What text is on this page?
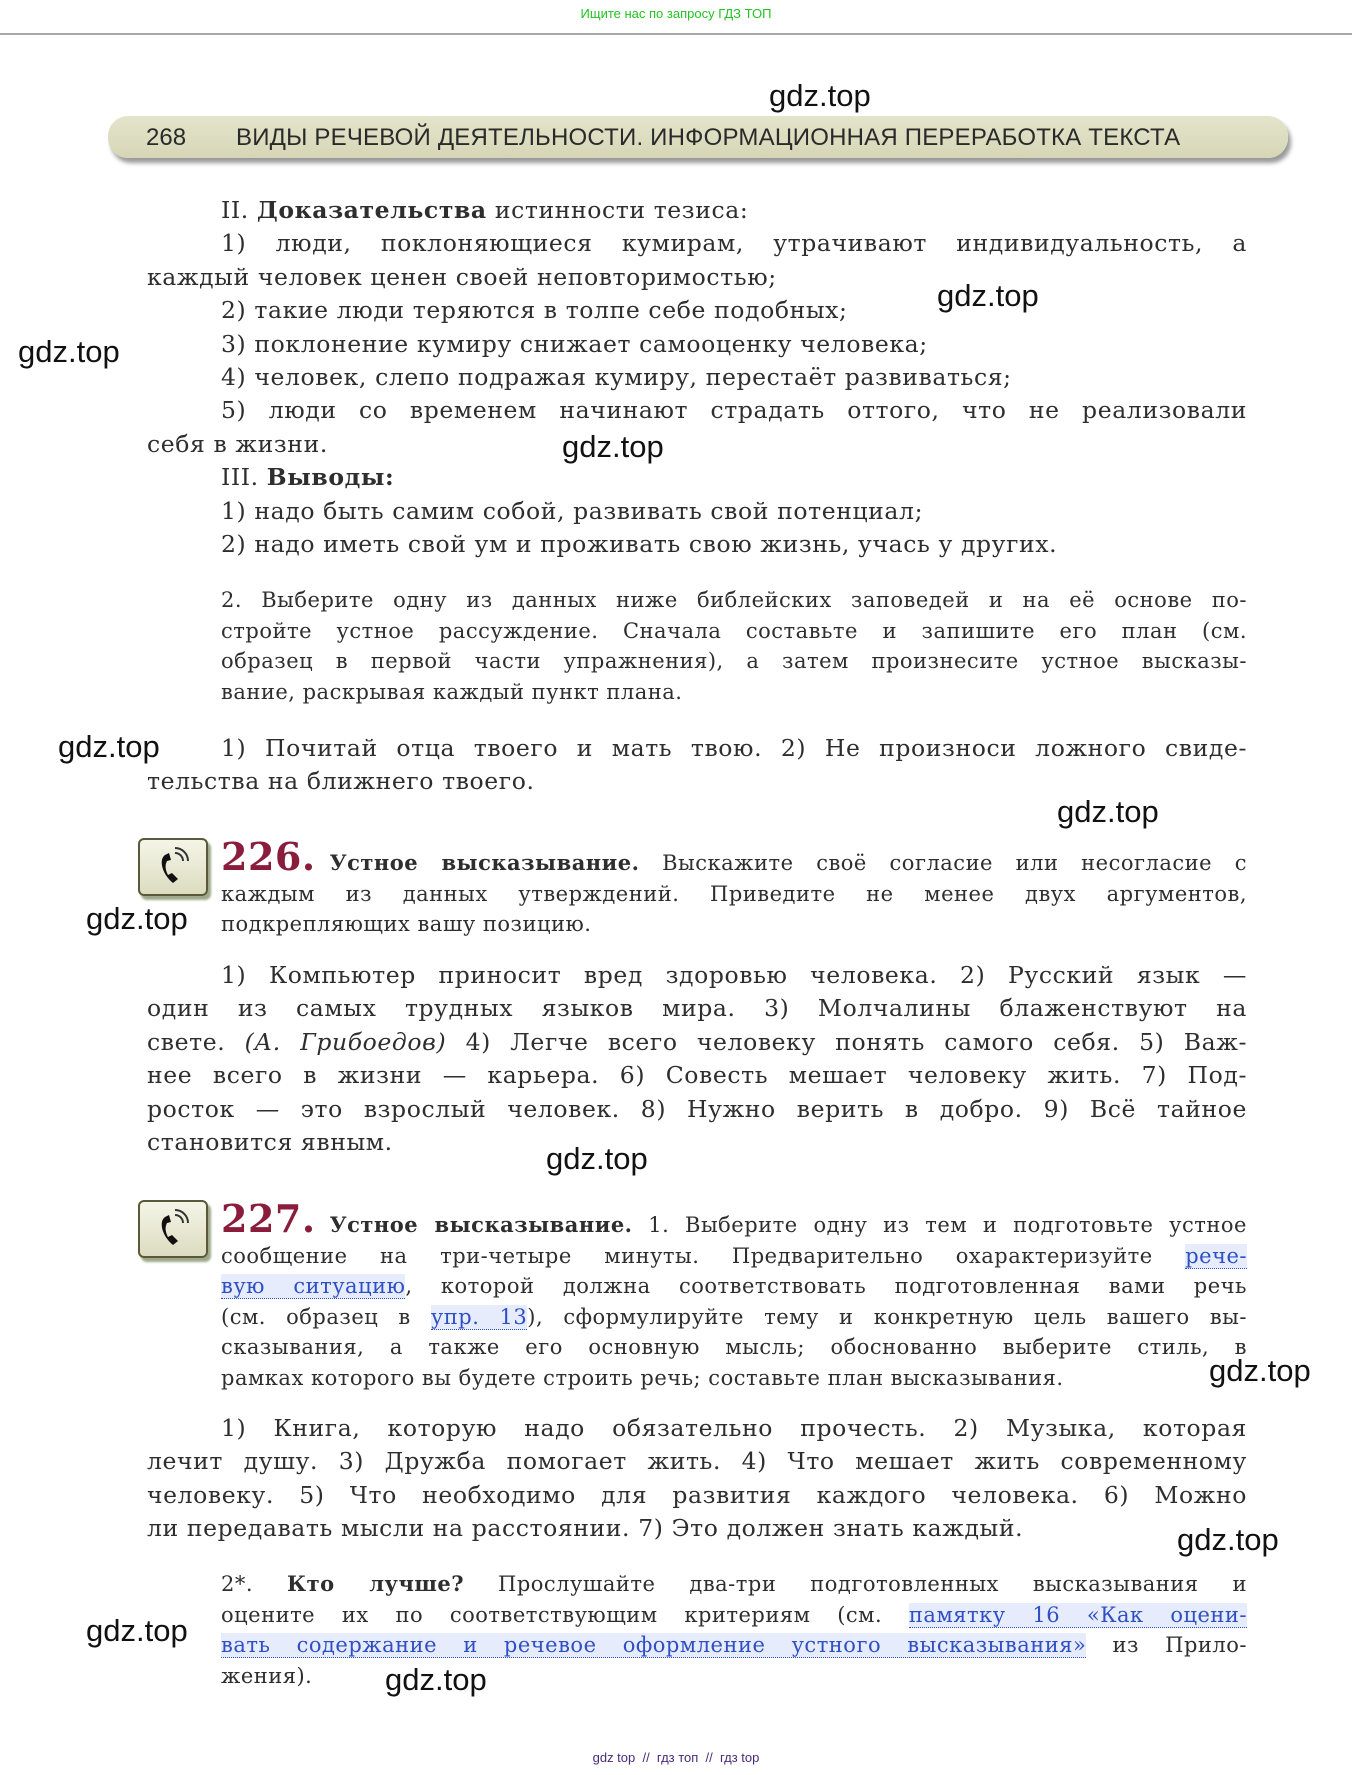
Ищите нас по запросу ГДЗ ТОП
268 ВИДЫ РЕЧЕВОЙ ДЕЯТЕЛЬНОСТИ. ИНФОРМАЦИОННАЯ ПЕРЕРАБОТКА ТЕКСТА
II. Доказательства истинности тезиса:
1) люди, поклоняющиеся кумирам, утрачивают индивидуальность, а
каждый человек ценен своей неповторимостью;
2) такие люди теряются в толпе себе подобных;
3) поклонение кумиру снижает самооценку человека;
4) человек, слепо подражая кумиру, перестаёт развиваться;
5) люди со временем начинают страдать оттого, что не реализовали
себя в жизни.
III. Выводы:
1) надо быть самим собой, развивать свой потенциал;
2) надо иметь свой ум и проживать свою жизнь, учась у других.
2. Выберите одну из данных ниже библейских заповедей и на её основе по-
стройте устное рассуждение. Сначала составьте и запишите его план (см.
образец в первой части упражнения), а затем произнесите устное высказы-
вание, раскрывая каждый пункт плана.
1) Почитай отца твоего и мать твою. 2) Не произноси ложного свиде-
тельства на ближнего твоего.
226. Устное высказывание. Выскажите своё согласие или несогласие с
каждым из данных утверждений. Приведите не менее двух аргументов,
подкрепляющих вашу позицию.
1) Компьютер приносит вред здоровью человека. 2) Русский язык —
один из самых трудных языков мира. 3) Молчалины блаженствуют на
свете. (А. Грибоедов) 4) Легче всего человеку понять самого себя. 5) Важ-
нее всего в жизни — карьера. 6) Совесть мешает человеку жить. 7) Под-
росток — это взрослый человек. 8) Нужно верить в добро. 9) Всё тайное
становится явным.
227. Устное высказывание. 1. Выберите одну из тем и подготовьте устное
сообщение на три-четыре минуты. Предварительно охарактеризуйте рече-
вую ситуацию, которой должна соответствовать подготовленная вами речь
(см. образец в упр. 13), сформулируйте тему и конкретную цель вашего вы-
сказывания, а также его основную мысль; обоснованно выберите стиль, в
рамках которого вы будете строить речь; составьте план высказывания.
1) Книга, которую надо обязательно прочесть. 2) Музыка, которая
лечит душу. 3) Дружба помогает жить. 4) Что мешает жить современному
человеку. 5) Что необходимо для развития каждого человека. 6) Можно
ли передавать мысли на расстоянии. 7) Это должен знать каждый.
2*. Кто лучше? Прослушайте два-три подготовленных высказывания и
оцените их по соответствующим критериям (см. памятку 16 «Как оцени-
вать содержание и речевое оформление устного высказывания» из Прило-
жения).
gdz.top
gdz.top
gdz.top
gdz.top
gdz.top
gdz.top
gdz.top
gdz.top
gdz.top
gdz.top
gdz.top
gdz.top
gdz top  //  гдз топ  //  гдз top
